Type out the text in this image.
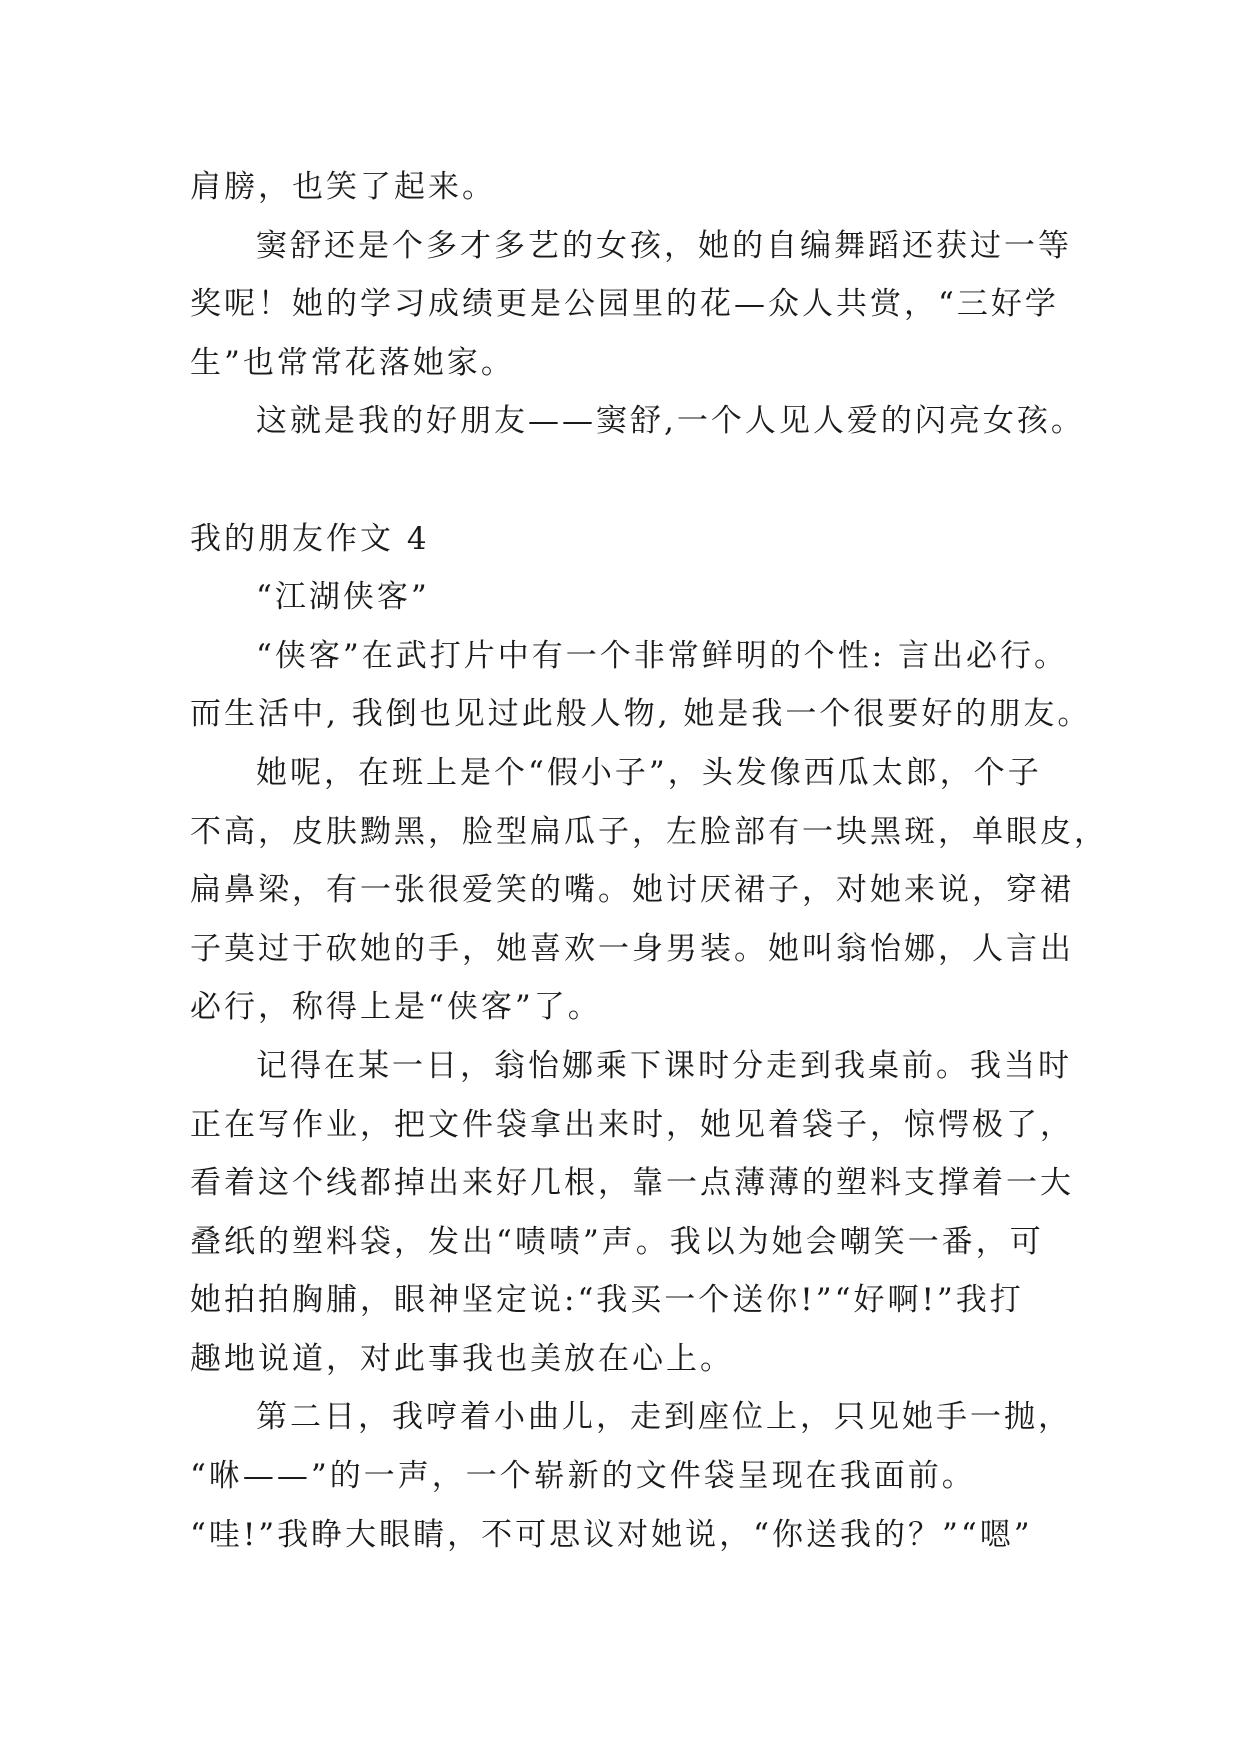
肩膀，也笑了起来。
窦舒还是个多才多艺的女孩，她的自编舞蹈还获过一等
奖呢！她的学习成绩更是公园里的花—众人共赏，“三好学
生”也常常花落她家。
这就是我的好朋友——窦舒,一个人见人爱的闪亮女孩。
我的朋友作文 4
“江湖侠客”
“侠客”在武打片中有一个非常鲜明的个性: 言出必行。
而生活中, 我倒也见过此般人物, 她是我一个很要好的朋友。
她呢，在班上是个“假小子”，头发像西瓜太郎，个子
不高，皮肤黝黑，脸型扁瓜子，左脸部有一块黑斑，单眼皮，
扁鼻梁，有一张很爱笑的嘴。她讨厌裙子，对她来说，穿裙
子莫过于砍她的手，她喜欢一身男装。她叫翁怡娜，人言出
必行，称得上是“侠客”了。
记得在某一日，翁怡娜乘下课时分走到我桌前。我当时
正在写作业，把文件袋拿出来时，她见着袋子，惊愕极了，
看着这个线都掉出来好几根，靠一点薄薄的塑料支撑着一大
叠纸的塑料袋，发出“啧啧”声。我以为她会嘲笑一番，可
她拍拍胸脯，眼神坚定说:“我买一个送你!”“好啊!”我打
趣地说道，对此事我也美放在心上。
第二日，我哼着小曲儿，走到座位上，只见她手一抛，
“咻——”的一声，一个崭新的文件袋呈现在我面前。
“哇!”我睁大眼睛，不可思议对她说，“你送我的？”“嗯”
